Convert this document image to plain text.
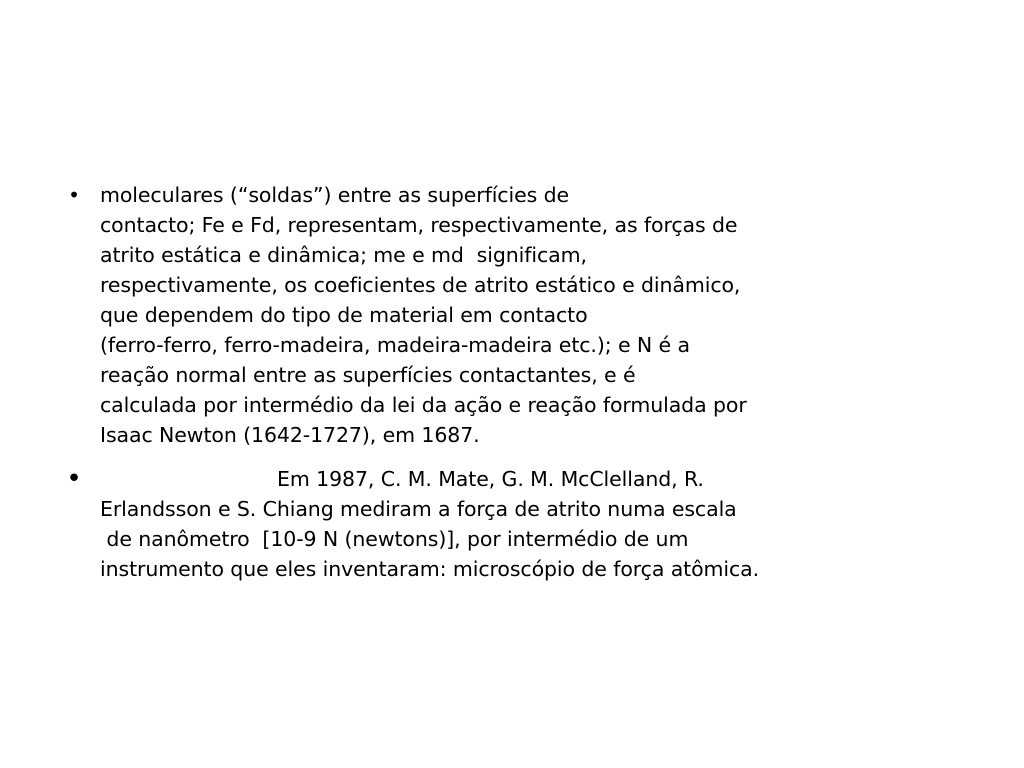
• moleculares (“soldas”) entre as superfícies de
contacto; Fe e Fd, representam, respectivamente, as forças de
atrito estática e dinâmica; me e md  significam,
respectivamente, os coeficientes de atrito estático e dinâmico,
que dependem do tipo de material em contacto
(ferro-ferro, ferro-madeira, madeira-madeira etc.); e N é a
reação normal entre as superfícies contactantes, e é
calculada por intermédio da lei da ação e reação formulada por
Isaac Newton (1642-1727), em 1687.
•	Em 1987, C. M. Mate, G. M. McClelland, R.
Erlandsson e S. Chiang mediram a força de atrito numa escala
de nanômetro  [10-9 N (newtons)], por intermédio de um
instrumento que eles inventaram: microscópio de força atômica.
